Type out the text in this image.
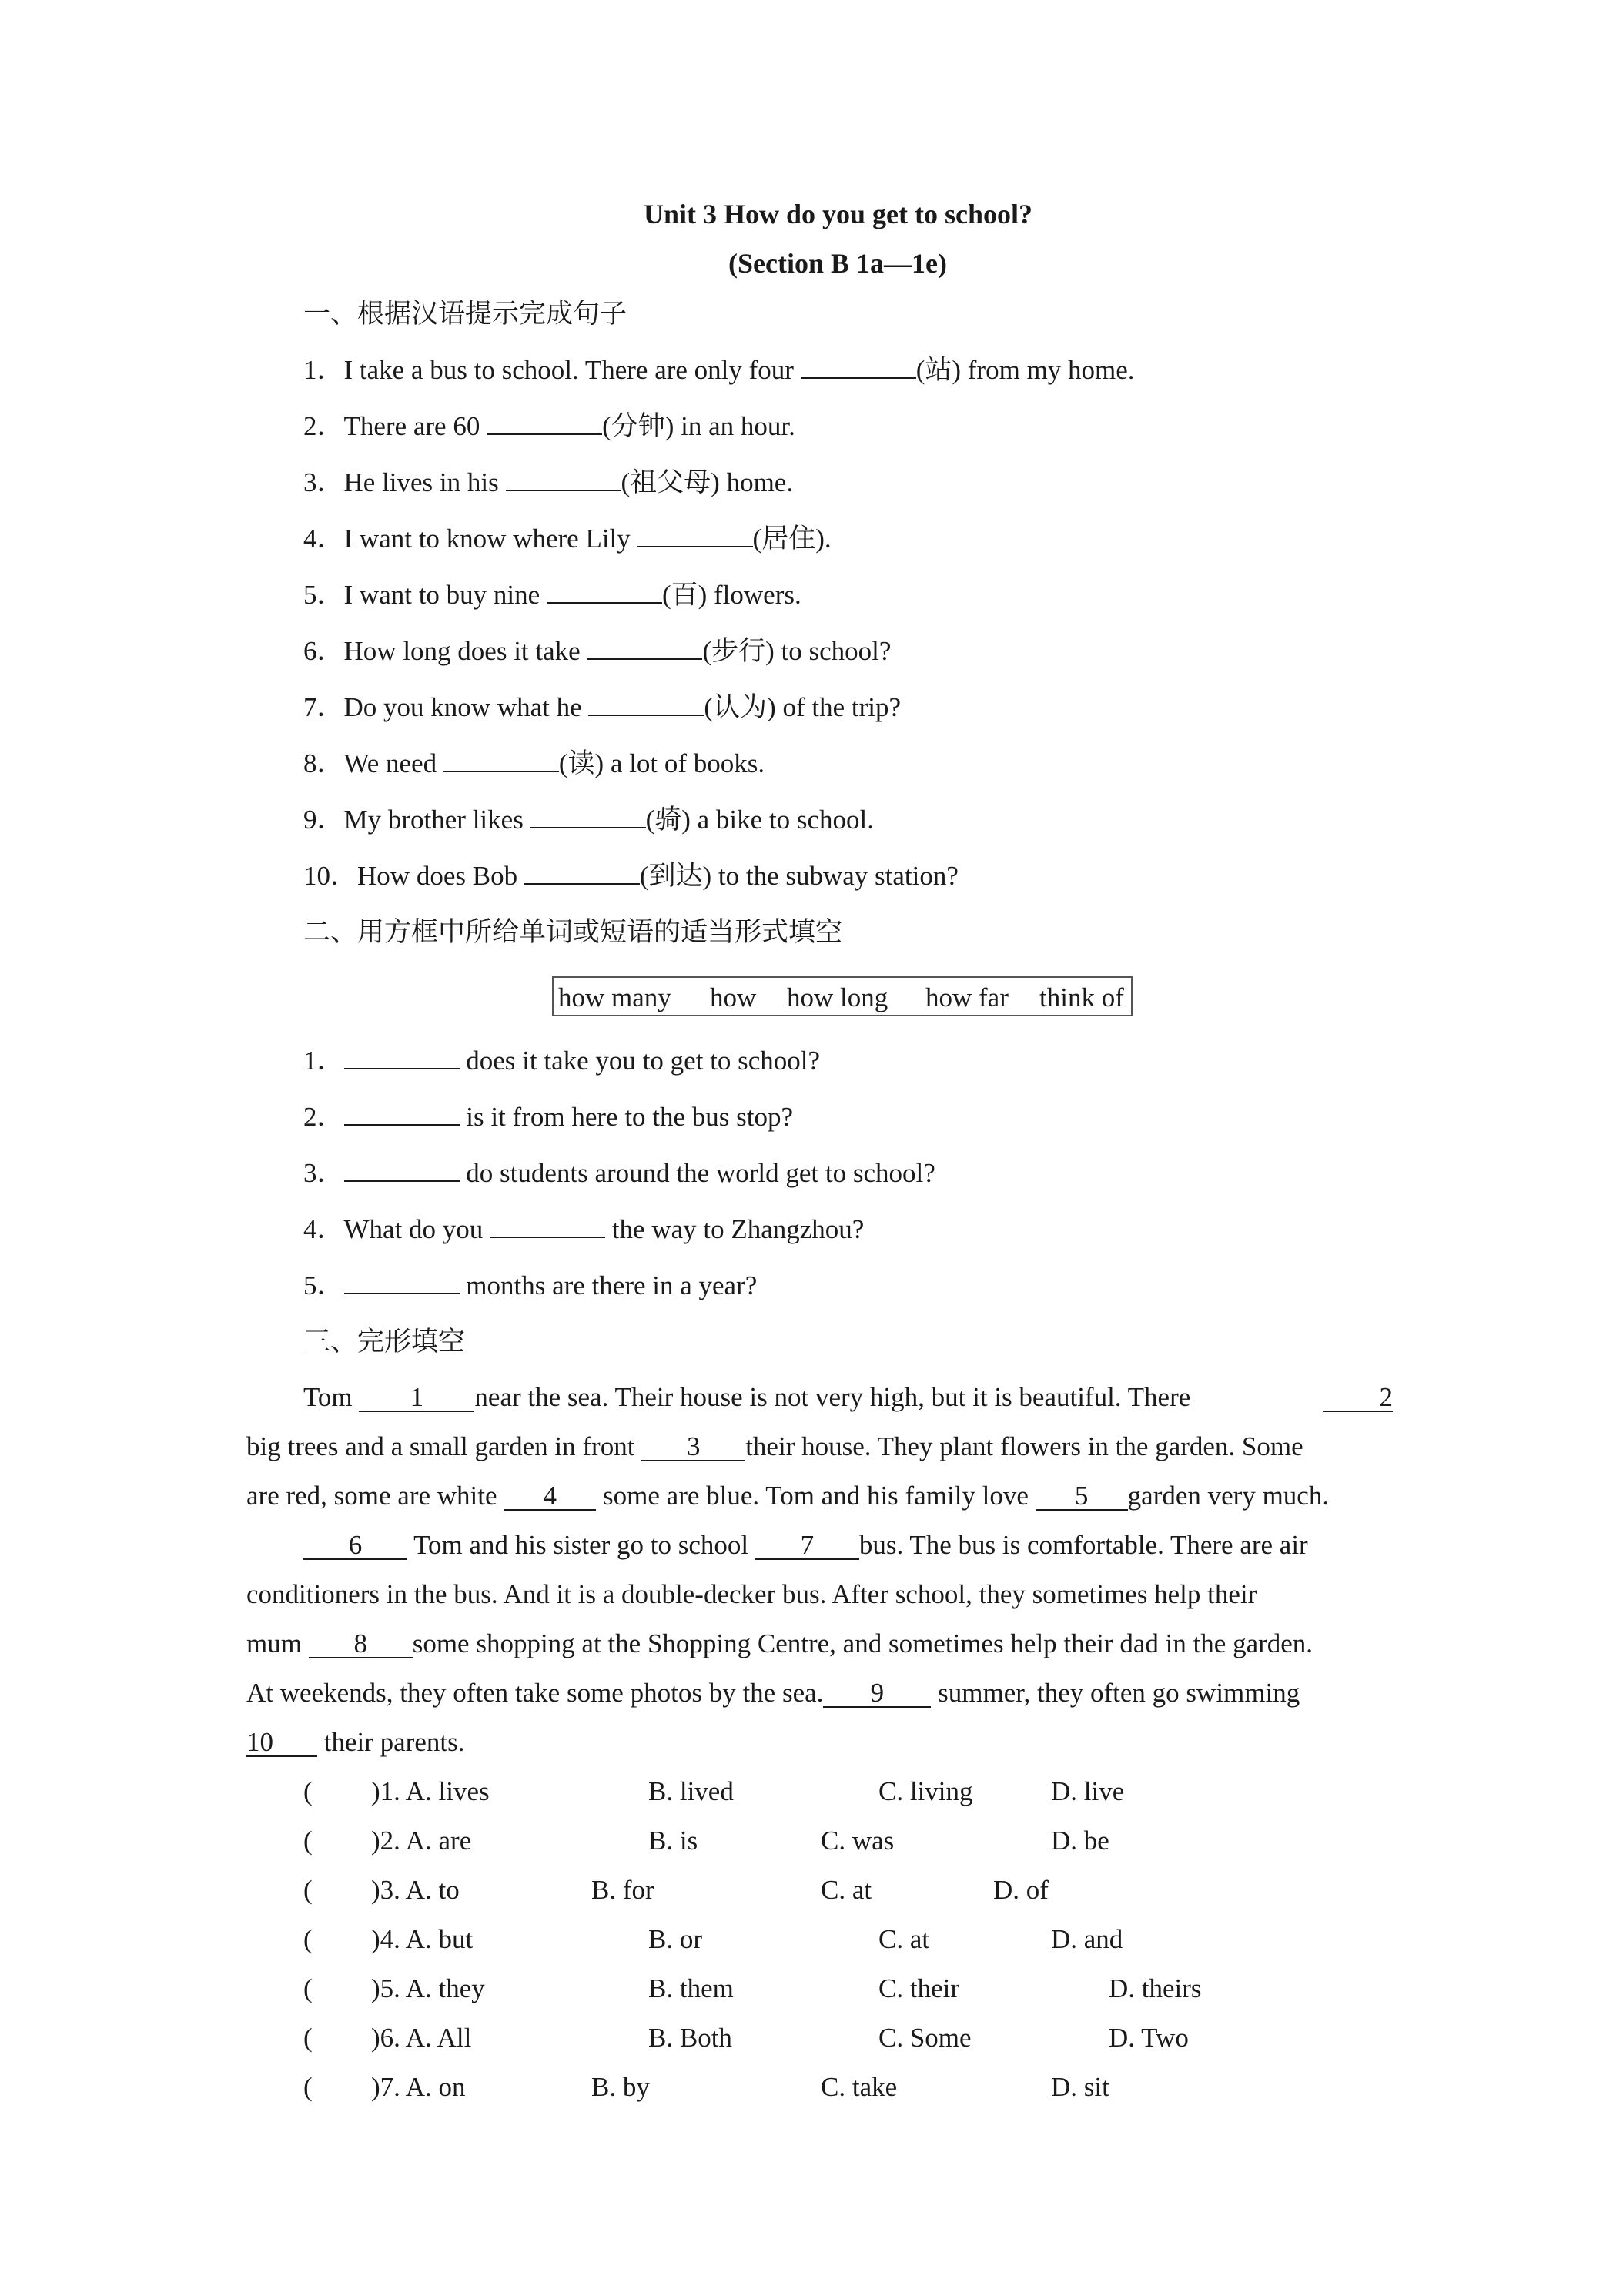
Unit 3 How do you get to school?
(Section B 1a—1e)
一、根据汉语提示完成句子
1．I take a bus to school. There are only four	(站) from my home.
2．There are 60	(分钟) in an hour.
3．He lives in his	(祖父母) home.
4．I want to know where Lily	(居住).
5．I want to buy nine	(百) flowers.
6．How long does it take	(步行) to school?
7．Do you know what he	(认为) of the trip?
8．We need	(读) a lot of books.
9．My brother likes	(骑) a bike to school.
10．How does Bob	(到达) to the subway station?
二、用方框中所给单词或短语的适当形式填空
how many how how long how far think of
1．	does it take you to get to school?
2．	is it from here to the bus stop?
3．	do students around the world get to school?
4．What do you	the way to Zhangzhou?
5．	months are there in a year?
三、完形填空
Tom 1 near the sea. Their house is not very high, but it is beautiful. There	2
big trees and a small garden in front 3 their house. They plant flowers in the garden. Some
are red, some are white 4 some are blue. Tom and his family love 5 garden very much.
6 Tom and his sister go to school 7 bus. The bus is comfortable. There are air
conditioners in the bus. And it is a double-decker bus. After school, they sometimes help their
mum 8 some shopping at the Shopping Centre, and sometimes help their dad in the garden.
At weekends, they often take some photos by the sea. 9 summer, they often go swimming
10 their parents.
( )1. A. lives	B. lived	C. living	D. live
( )2. A. are	B. is	C. was	D. be
( )3. A. to	B. for	C. at	D. of
( )4. A. but	B. or	C. at	D. and
( )5. A. they	B. them	C. their	D. theirs
( )6. A. All	B. Both	C. Some	D. Two
( )7. A. on	B. by	C. take	D. sit
